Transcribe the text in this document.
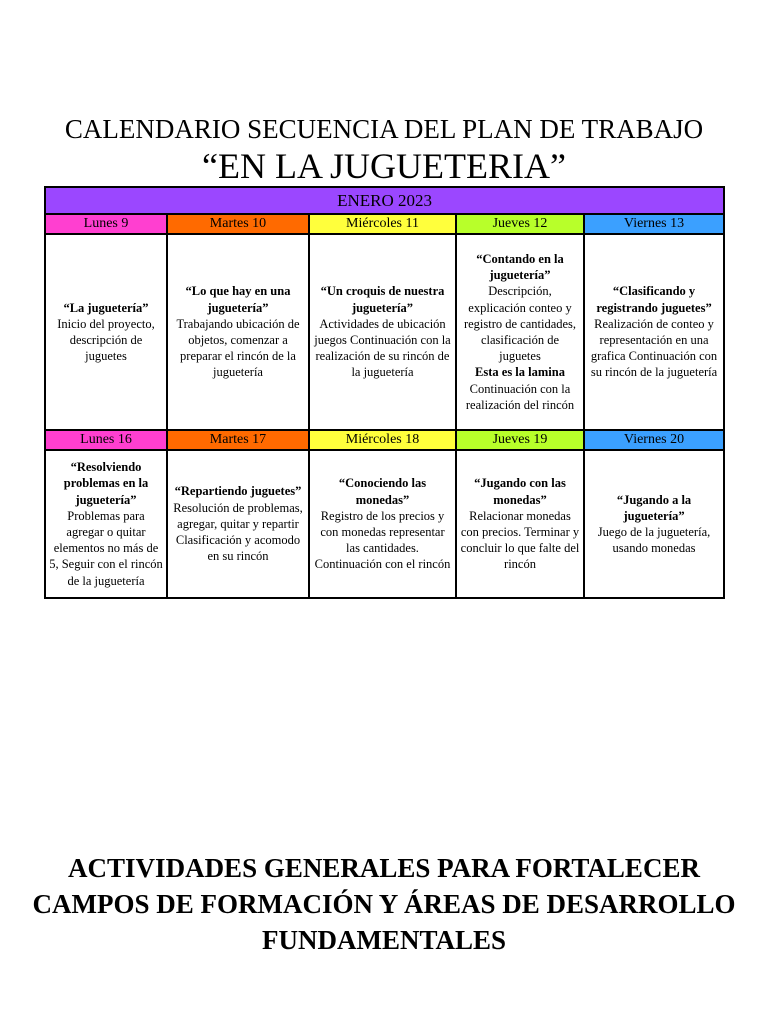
CALENDARIO SECUENCIA DEL PLAN DE TRABAJO
“EN LA JUGUETERIA”
ENERO 2023				
Lunes 9	Martes 10	Miércoles 11	Jueves 12	Viernes 13

“La juguetería”
Inicio del proyecto, descripción de juguetes	“Lo que hay en una juguetería”
Trabajando ubicación de objetos, comenzar a preparar el rincón de la juguetería	“Un croquis de nuestra juguetería”
Actividades de ubicación juegos Continuación con la realización de su rincón de la juguetería	“Contando en la juguetería”
Descripción, explicación conteo y registro de cantidades, clasificación de juguetes
Esta es la lamina
Continuación con la realización del rincón	“Clasificando y registrando juguetes”
Realización de conteo y representación en una grafica Continuación con su rincón de la juguetería

Lunes 16	Martes 17	Miércoles 18	Jueves 19	Viernes 20

“Resolviendo problemas en la juguetería”
Problemas para agregar o quitar elementos no más de 5, Seguir con el rincón de la juguetería	“Repartiendo juguetes”
Resolución de problemas, agregar, quitar y repartir Clasificación y acomodo en su rincón	“Conociendo las monedas”
Registro de los precios y con monedas representar las cantidades. Continuación con el rincón	“Jugando con las monedas”
Relacionar monedas con precios. Terminar y concluir lo que falte del rincón	“Jugando a la juguetería”
Juego de la juguetería, usando monedas
ACTIVIDADES GENERALES PARA FORTALECER CAMPOS DE FORMACIÓN Y ÁREAS DE DESARROLLO FUNDAMENTALES
